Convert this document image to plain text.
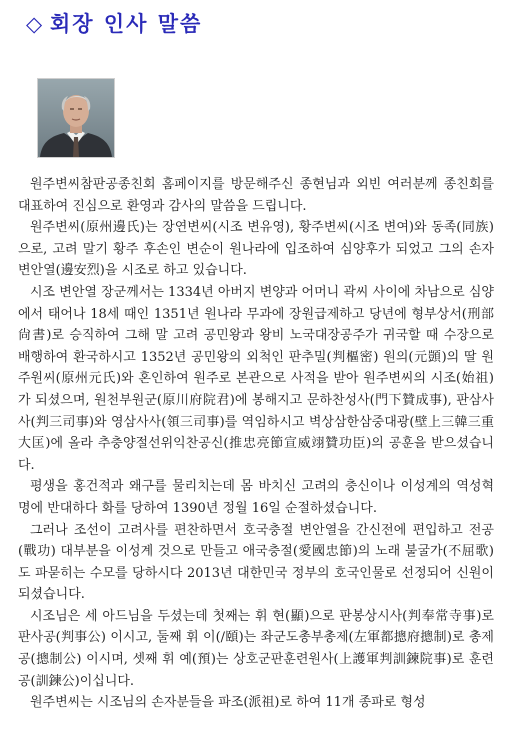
◇ 회장 인사 말씀

원주변씨참판공종친회 홈페이지를 방문해주신 종현님과 외빈 여러분께 종친회를 대표하여 진심으로 환영과 감사의 말씀을 드립니다.

원주변씨(原州邊氏)는 장연변씨(시조 변유영), 황주변씨(시조 변여)와 동족(同族)으로, 고려 말기 황주 후손인 변순이 원나라에 입조하여 심양후가 되었고 그의 손자 변안열(邊安烈)을 시조로 하고 있습니다.

시조 변안열 장군께서는 1334년 아버지 변양과 어머니 곽씨 사이에 차남으로 심양에서 태어나 18세 때인 1351년 원나라 무과에 장원급제하고 당년에 형부상서(刑部尙書)로 승직하여 그해 말 고려 공민왕과 왕비 노국대장공주가 귀국할 때 수장으로 배행하여 환국하시고 1352년 공민왕의 외척인 판추밀(判樞密) 원의(元顗)의 딸 원주원씨(原州元氏)와 혼인하여 원주로 본관으로 사적을 받아 원주변씨의 시조(始祖)가 되셨으며, 원천부원군(原川府院君)에 봉해지고 문하찬성사(門下贊成事), 판삼사사(判三司事)와 영삼사사(領三司事)를 역임하시고 벽상삼한삼중대광(壁上三韓三重大匡)에 올라 추충양절선위익찬공신(推忠亮節宣威翊贊功臣)의 공훈을 받으셨습니다.

평생을 홍건적과 왜구를 물리치는데 몸 바치신 고려의 충신이나 이성계의 역성혁명에 반대하다 화를 당하여 1390년 정월 16일 순절하셨습니다.

그러나 조선이 고려사를 편찬하면서 호국충절 변안열을 간신전에 편입하고 전공(戰功) 대부분을 이성계 것으로 만들고 애국충절(愛國忠節)의 노래 불굴가(不屈歌)도 파묻히는 수모를 당하시다 2013년 대한민국 정부의 호국인물로 선정되어 신원이 되셨습니다.

시조님은 세 아드님을 두셨는데 첫째는 휘 현(顯)으로 판봉상시사(判奉常寺事)로 판사공(判事公) 이시고, 둘째 휘 이(/頤)는 좌군도총부총제(左軍都摠府摠制)로 총제공(摠制公) 이시며, 셋째 휘 예(預)는 상호군판훈련원사(上護軍判訓鍊院事)로 훈련공(訓鍊公)이십니다.

원주변씨는 시조님의 손자분들을 파조(派祖)로 하여 11개 종파로 형성
